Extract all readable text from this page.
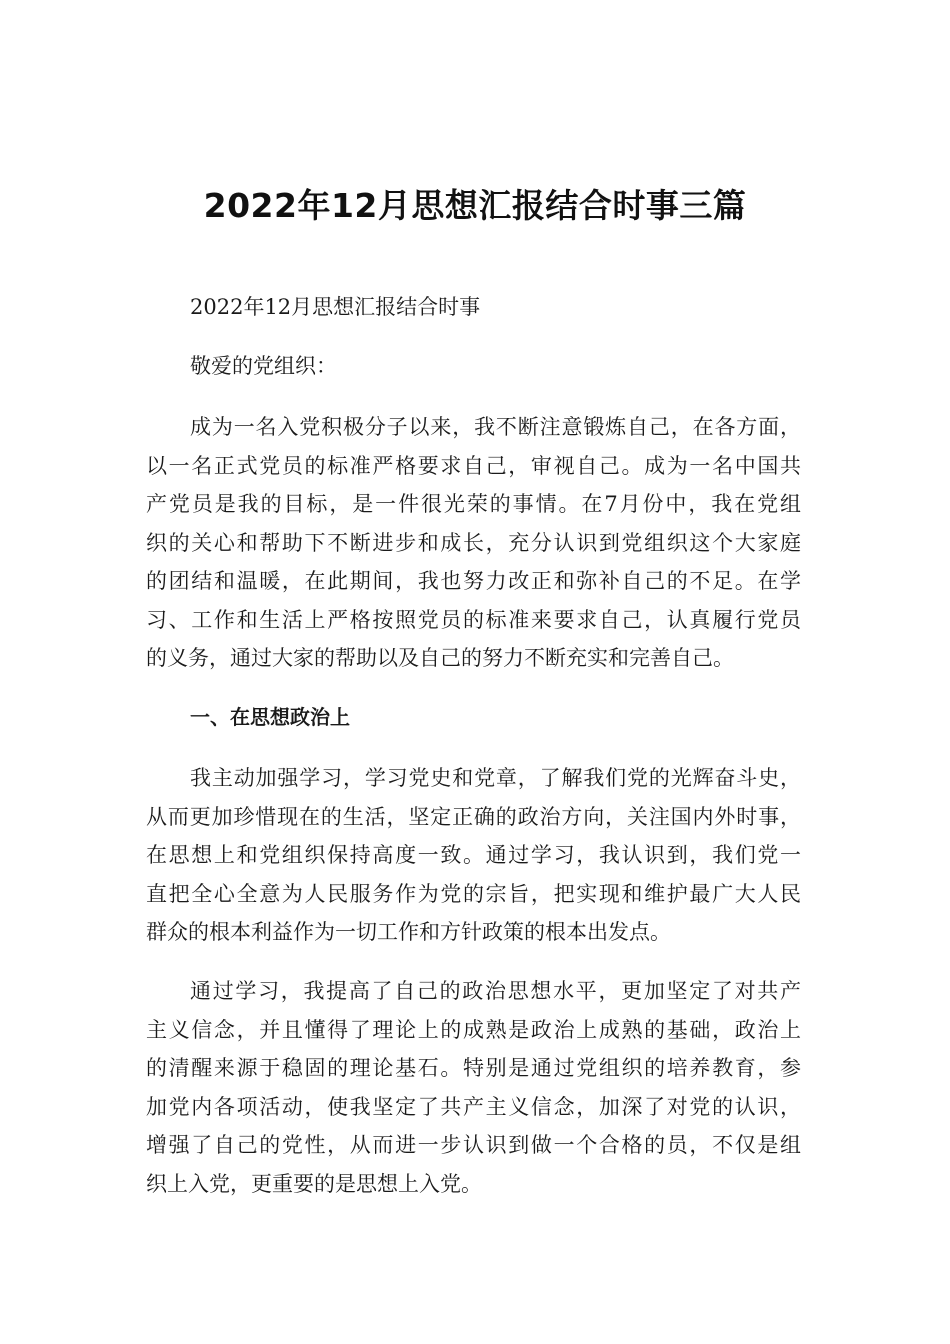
2022年12月思想汇报结合时事三篇
2022年12月思想汇报结合时事
敬爱的党组织：
成为一名入党积极分子以来，我不断注意锻炼自己，在各方面，
以一名正式党员的标准严格要求自己，审视自己。成为一名中国共
产党员是我的目标，是一件很光荣的事情。在7月份中，我在党组
织的关心和帮助下不断进步和成长，充分认识到党组织这个大家庭
的团结和温暖，在此期间，我也努力改正和弥补自己的不足。在学
习、工作和生活上严格按照党员的标准来要求自己，认真履行党员
的义务，通过大家的帮助以及自己的努力不断充实和完善自己。
一、在思想政治上
我主动加强学习，学习党史和党章，了解我们党的光辉奋斗史，
从而更加珍惜现在的生活，坚定正确的政治方向，关注国内外时事，
在思想上和党组织保持高度一致。通过学习，我认识到，我们党一
直把全心全意为人民服务作为党的宗旨，把实现和维护最广大人民
群众的根本利益作为一切工作和方针政策的根本出发点。
通过学习，我提高了自己的政治思想水平，更加坚定了对共产
主义信念，并且懂得了理论上的成熟是政治上成熟的基础，政治上
的清醒来源于稳固的理论基石。特别是通过党组织的培养教育，参
加党内各项活动，使我坚定了共产主义信念，加深了对党的认识，
增强了自己的党性，从而进一步认识到做一个合格的员，不仅是组
织上入党，更重要的是思想上入党。
